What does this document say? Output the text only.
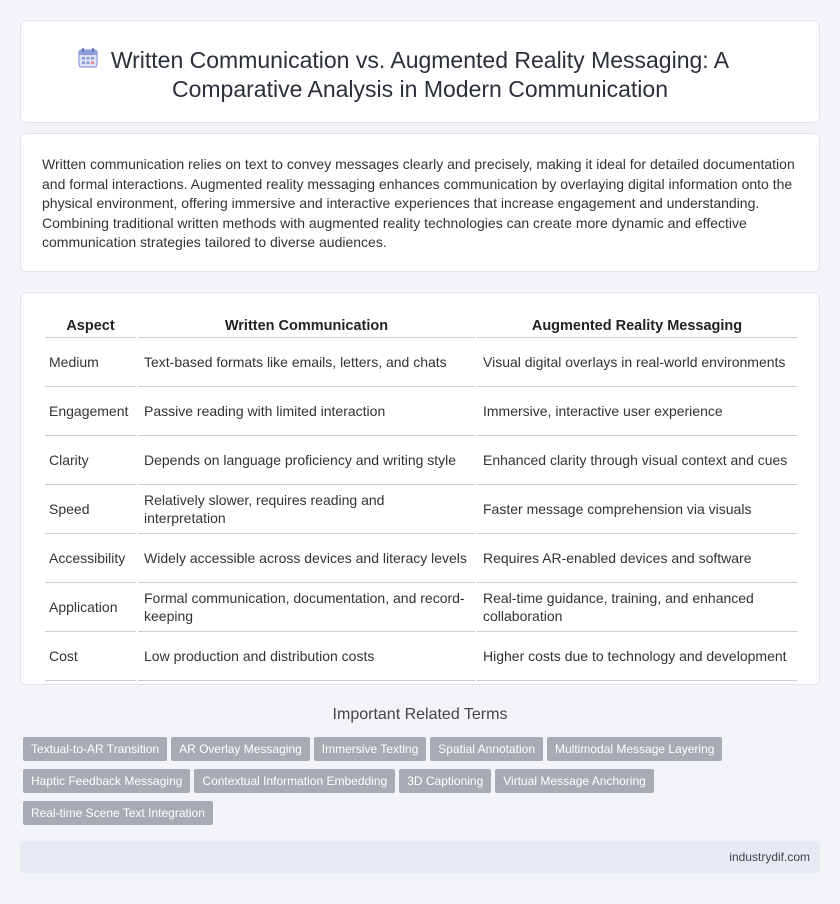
Written Communication vs. Augmented Reality Messaging: A Comparative Analysis in Modern Communication

Written communication relies on text to convey messages clearly and precisely, making it ideal for detailed documentation and formal interactions. Augmented reality messaging enhances communication by overlaying digital information onto the physical environment, offering immersive and interactive experiences that increase engagement and understanding. Combining traditional written methods with augmented reality technologies can create more dynamic and effective communication strategies tailored to diverse audiences.

Aspect	Written Communication	Augmented Reality Messaging
Medium	Text-based formats like emails, letters, and chats	Visual digital overlays in real-world environments
Engagement	Passive reading with limited interaction	Immersive, interactive user experience
Clarity	Depends on language proficiency and writing style	Enhanced clarity through visual context and cues
Speed	Relatively slower, requires reading and interpretation	Faster message comprehension via visuals
Accessibility	Widely accessible across devices and literacy levels	Requires AR-enabled devices and software
Application	Formal communication, documentation, and record-keeping	Real-time guidance, training, and enhanced collaboration
Cost	Low production and distribution costs	Higher costs due to technology and development
Important Related Terms
Textual-to-AR Transition AR Overlay Messaging Immersive Texting Spatial Annotation Multimodal Message Layering
Haptic Feedback Messaging Contextual Information Embedding 3D Captioning Virtual Message Anchoring
Real-time Scene Text Integration
industrydif.com
